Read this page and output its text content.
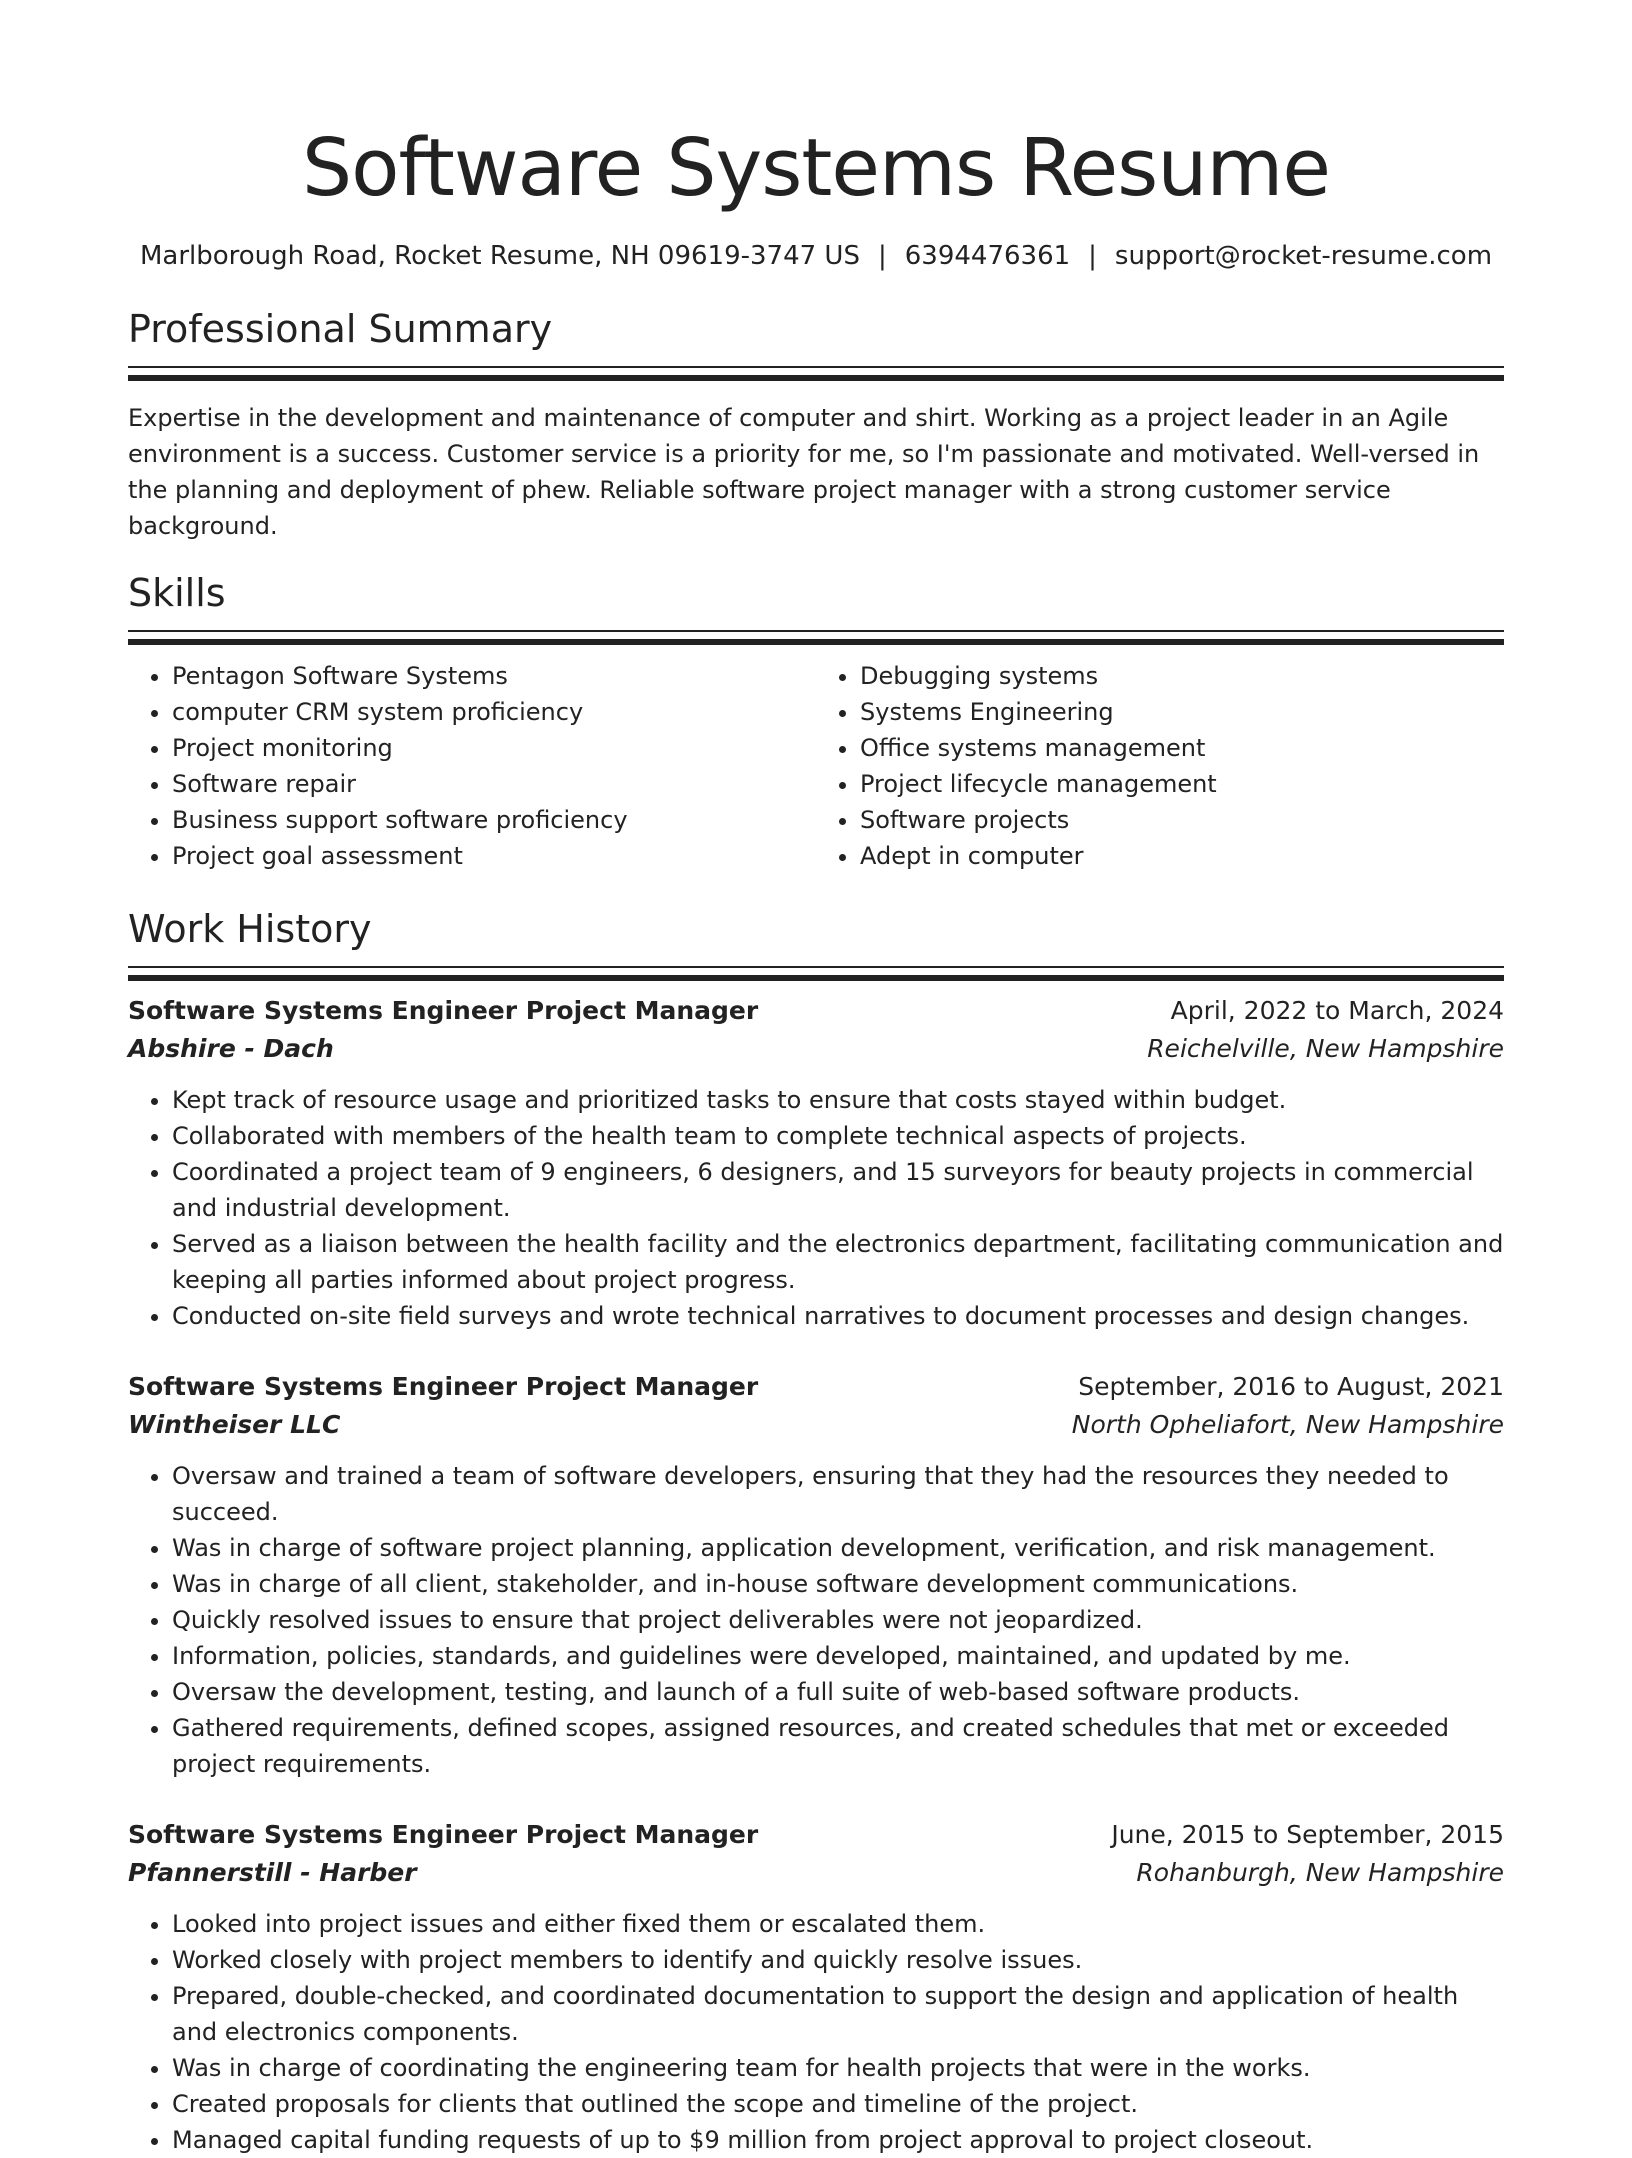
Software Systems Resume
Marlborough Road, Rocket Resume, NH 09619-3747 US | 6394476361 | support@rocket-resume.com
Professional Summary

Expertise in the development and maintenance of computer and shirt. Working as a project leader in an Agile environment is a success. Customer service is a priority for me, so I'm passionate and motivated. Well-versed in the planning and deployment of phew. Reliable software project manager with a strong customer service background.

Skills
• Pentagon Software Systems
• computer CRM system proficiency
• Project monitoring
• Software repair
• Business support software proficiency
• Project goal assessment
• Debugging systems
• Systems Engineering
• Office systems management
• Project lifecycle management
• Software projects
• Adept in computer
Work History
Software Systems Engineer Project Manager	April, 2022 to March, 2024
Abshire - Dach	Reichelville, New Hampshire
• Kept track of resource usage and prioritized tasks to ensure that costs stayed within budget.
• Collaborated with members of the health team to complete technical aspects of projects.
• Coordinated a project team of 9 engineers, 6 designers, and 15 surveyors for beauty projects in commercial and industrial development.
• Served as a liaison between the health facility and the electronics department, facilitating communication and keeping all parties informed about project progress.
• Conducted on-site field surveys and wrote technical narratives to document processes and design changes.
Software Systems Engineer Project Manager	September, 2016 to August, 2021
Wintheiser LLC	North Opheliafort, New Hampshire
• Oversaw and trained a team of software developers, ensuring that they had the resources they needed to succeed.
• Was in charge of software project planning, application development, verification, and risk management.
• Was in charge of all client, stakeholder, and in-house software development communications.
• Quickly resolved issues to ensure that project deliverables were not jeopardized.
• Information, policies, standards, and guidelines were developed, maintained, and updated by me.
• Oversaw the development, testing, and launch of a full suite of web-based software products.
• Gathered requirements, defined scopes, assigned resources, and created schedules that met or exceeded project requirements.
Software Systems Engineer Project Manager	June, 2015 to September, 2015
Pfannerstill - Harber	Rohanburgh, New Hampshire
• Looked into project issues and either fixed them or escalated them.
• Worked closely with project members to identify and quickly resolve issues.
• Prepared, double-checked, and coordinated documentation to support the design and application of health and electronics components.
• Was in charge of coordinating the engineering team for health projects that were in the works.
• Created proposals for clients that outlined the scope and timeline of the project.
• Managed capital funding requests of up to $9 million from project approval to project closeout.
